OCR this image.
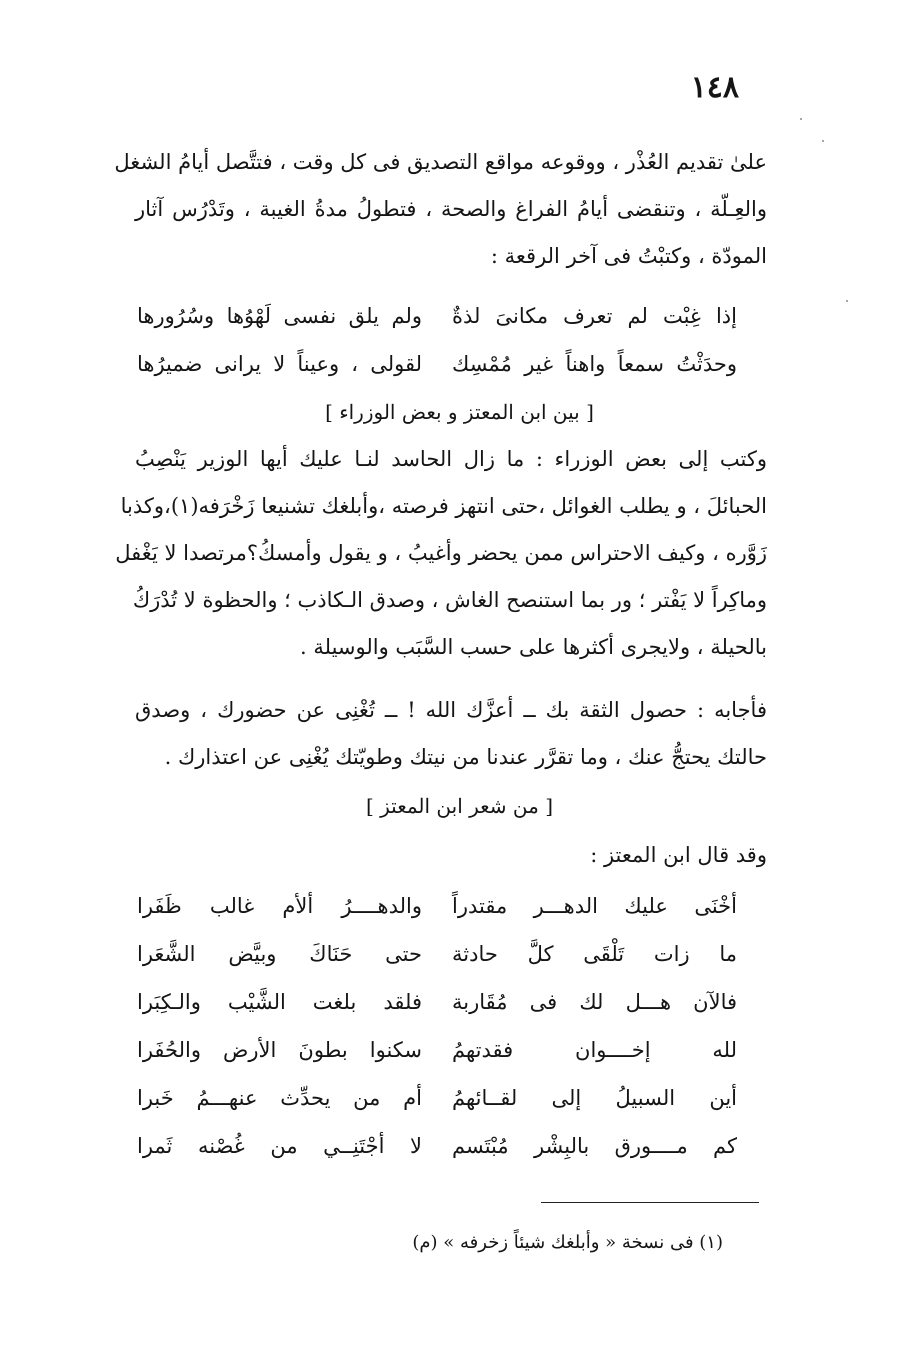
١٤٨

علىٰ تقديم العُذْر ، ووقوعه مواقع التصديق فى كل وقت ، فتتَّصل أيامُ الشغل

والعِـلّة ، وتنقضى أيامُ الفراغ والصحة ، فتطولُ مدةُ الغيبة ، وتَدْرُس آثار

المودّة ، وكتبْتُ فى آخر الرقعة :

إذا غِبْت لم تعرف مكانىَ لذةٌ
ولم يلق نفسى لَهْوُها وسُرُورها
وحدَثْتُ سمعاً واهناً غير مُمْسِك
لقولى ، وعيناً لا يرانى ضميرُها
[ بين ابن المعتز و بعض الوزراء ]

وكتب إلى بعض الوزراء : ما زال الحاسد لنـا عليك أيها الوزير يَنْصِبُ

الحبائلَ ، و يطلب الغوائل ،حتى انتهز فرصته ،وأبلغك تشنيعا زَخْرَفه(١)،وكذبا

زَوَّره ، وكيف الاحتراس ممن يحضر وأغيبُ ، و يقول وأمسكُ؟مرتصدا لا يَغْفل

وماكِراً لا يَفْتر ؛ ور بما استنصح الغاش ، وصدق الـكاذب ؛ والحظوة لا تُدْرَكُ

بالحيلة ، ولايجرى أكثرها على حسب السَّبَب والوسيلة .

فأجابه : حصول الثقة بك ــ أعزَّك الله ! ــ تُغْنِى عن حضورك ، وصدق

حالتك يحتجُّ عنك ، وما تقرَّر عندنا من نيتك وطويّتك يُغْنِى عن اعتذارك .

[ من شعر ابن المعتز ]

وقد قال ابن المعتز :

أخْنَى عليك الدهـــر مقتدراً
والدهــــرُ ألأم غالب ظَفَرا
ما زات تَلْقَى كلَّ حادثة
حتى حَنَاكَ وبيَّض الشَّعَرا
فالآن هـــل لك فى مُقَاربة
فلقد بلغت الشَّيْب والـكِبَرا
لله إخــــوان فقدتهمُ
سكنوا بطونَ الأرض والحُفَرا
أين السبيلُ إلى لقــائهمُ
أم من يحدِّث عنهـــمُ خَبرا
كم مــــورق بالبِشْر مُبْتَسم
لا أجْتَنِــي من غُصْنه ثَمرا
(١) فى نسخة « وأبلغك شيئاً زخرفه » (م)
